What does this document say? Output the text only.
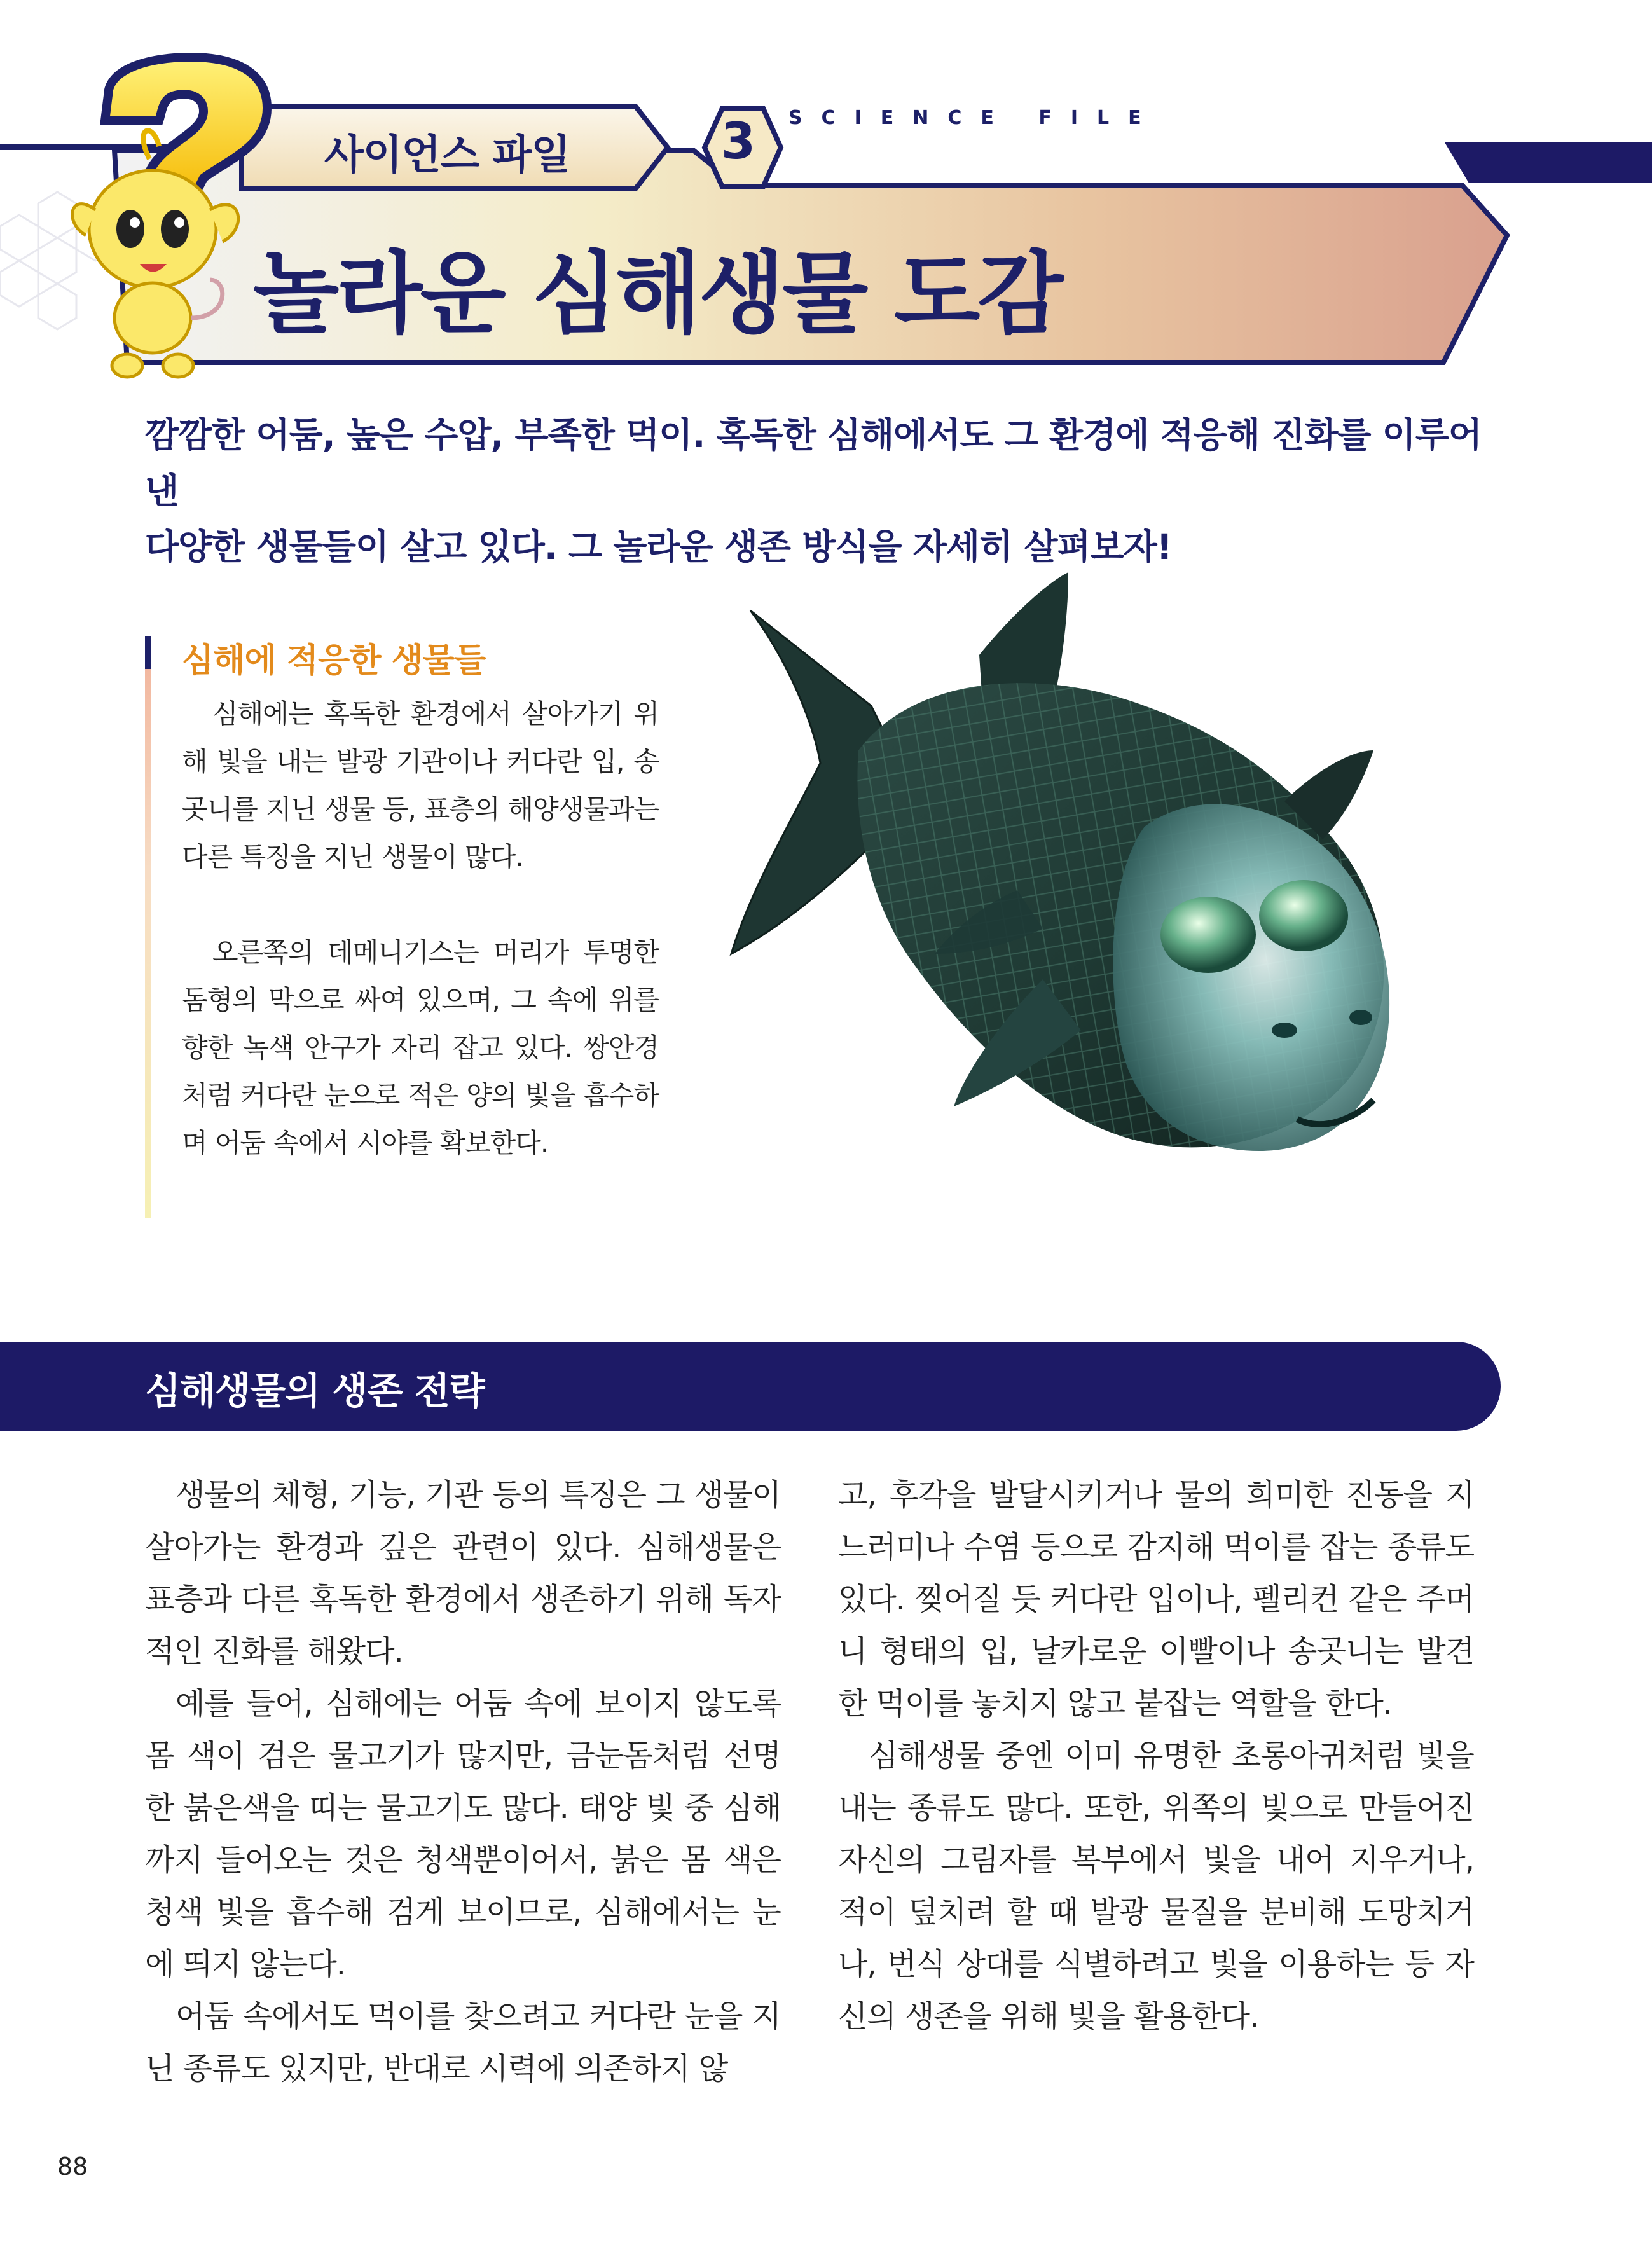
사이언스 파일	3	SCIENCE FILE
놀라운 심해생물 도감
깜깜한 어둠, 높은 수압, 부족한 먹이. 혹독한 심해에서도 그 환경에 적응해 진화를 이루어낸
다양한 생물들이 살고 있다. 그 놀라운 생존 방식을 자세히 살펴보자!
심해에 적응한 생물들

심해에는 혹독한 환경에서 살아가기 위해 빛을 내는 발광 기관이나 커다란 입, 송곳니를 지닌 생물 등, 표층의 해양생물과는 다른 특징을 지닌 생물이 많다.

오른쪽의 데메니기스는 머리가 투명한 돔형의 막으로 싸여 있으며, 그 속에 위를 향한 녹색 안구가 자리 잡고 있다. 쌍안경처럼 커다란 눈으로 적은 양의 빛을 흡수하며 어둠 속에서 시야를 확보한다.

심해생물의 생존 전략

생물의 체형, 기능, 기관 등의 특징은 그 생물이 살아가는 환경과 깊은 관련이 있다. 심해생물은 표층과 다른 혹독한 환경에서 생존하기 위해 독자적인 진화를 해왔다.

예를 들어, 심해에는 어둠 속에 보이지 않도록 몸 색이 검은 물고기가 많지만, 금눈돔처럼 선명한 붉은색을 띠는 물고기도 많다. 태양 빛 중 심해까지 들어오는 것은 청색뿐이어서, 붉은 몸 색은 청색 빛을 흡수해 검게 보이므로, 심해에서는 눈에 띄지 않는다.

어둠 속에서도 먹이를 찾으려고 커다란 눈을 지닌 종류도 있지만, 반대로 시력에 의존하지 않

고, 후각을 발달시키거나 물의 희미한 진동을 지느러미나 수염 등으로 감지해 먹이를 잡는 종류도 있다. 찢어질 듯 커다란 입이나, 펠리컨 같은 주머니 형태의 입, 날카로운 이빨이나 송곳니는 발견한 먹이를 놓치지 않고 붙잡는 역할을 한다.

심해생물 중엔 이미 유명한 초롱아귀처럼 빛을 내는 종류도 많다. 또한, 위쪽의 빛으로 만들어진 자신의 그림자를 복부에서 빛을 내어 지우거나, 적이 덮치려 할 때 발광 물질을 분비해 도망치거나, 번식 상대를 식별하려고 빛을 이용하는 등 자신의 생존을 위해 빛을 활용한다.

88
